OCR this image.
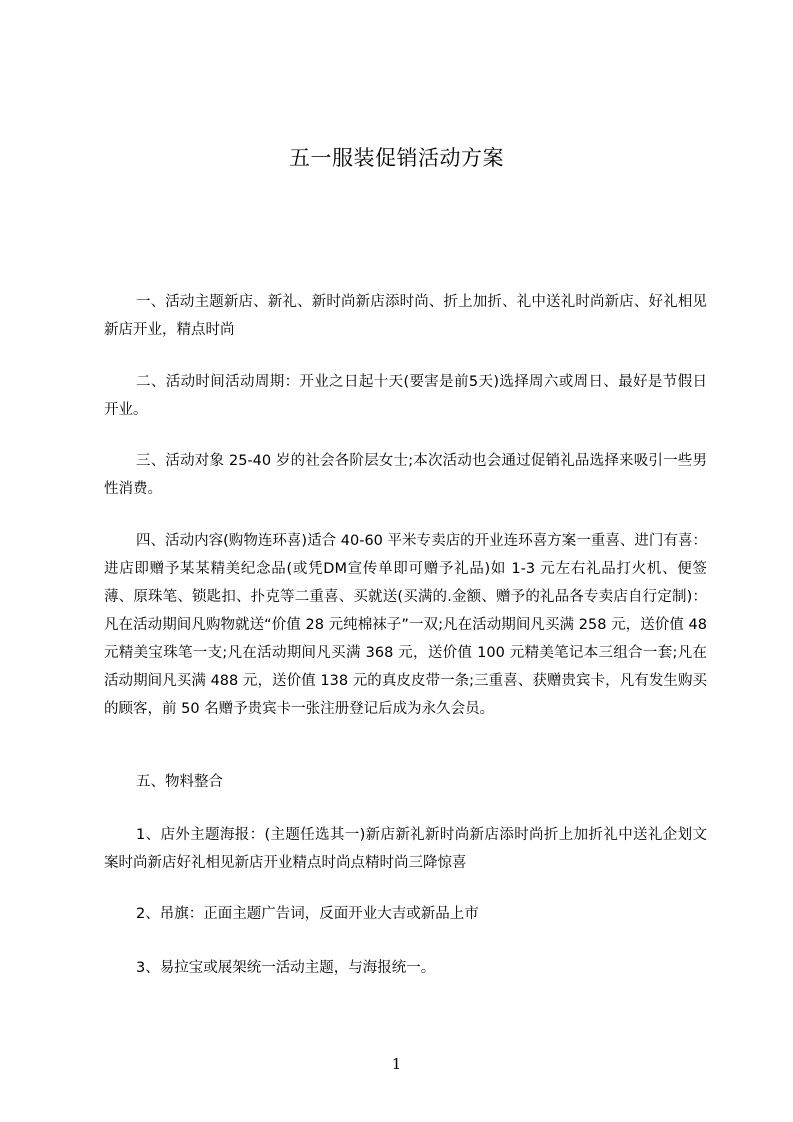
五一服装促销活动方案
一、活动主题新店、新礼、新时尚新店添时尚、折上加折、礼中送礼时尚新店、好礼相见新店开业，精点时尚
二、活动时间活动周期：开业之日起十天(要害是前5天)选择周六或周日、最好是节假日开业。
三、活动对象 25-40 岁的社会各阶层女士;本次活动也会通过促销礼品选择来吸引一些男性消费。
四、活动内容(购物连环喜)适合 40-60 平米专卖店的开业连环喜方案一重喜、进门有喜：进店即赠予某某精美纪念品(或凭DM宣传单即可赠予礼品)如 1-3 元左右礼品打火机、便签薄、原珠笔、锁匙扣、扑克等二重喜、买就送(买满的.金额、赠予的礼品各专卖店自行定制)：凡在活动期间凡购物就送“价值 28 元纯棉袜子”一双;凡在活动期间凡买满 258 元，送价值 48 元精美宝珠笔一支;凡在活动期间凡买满 368 元，送价值 100 元精美笔记本三组合一套;凡在活动期间凡买满 488 元，送价值 138 元的真皮皮带一条;三重喜、获赠贵宾卡，凡有发生购买的顾客，前 50 名赠予贵宾卡一张注册登记后成为永久会员。
五、物料整合
1、店外主题海报：(主题任选其一)新店新礼新时尚新店添时尚折上加折礼中送礼企划文案时尚新店好礼相见新店开业精点时尚点精时尚三降惊喜
2、吊旗：正面主题广告词，反面开业大吉或新品上市
3、易拉宝或展架统一活动主题，与海报统一。
1
